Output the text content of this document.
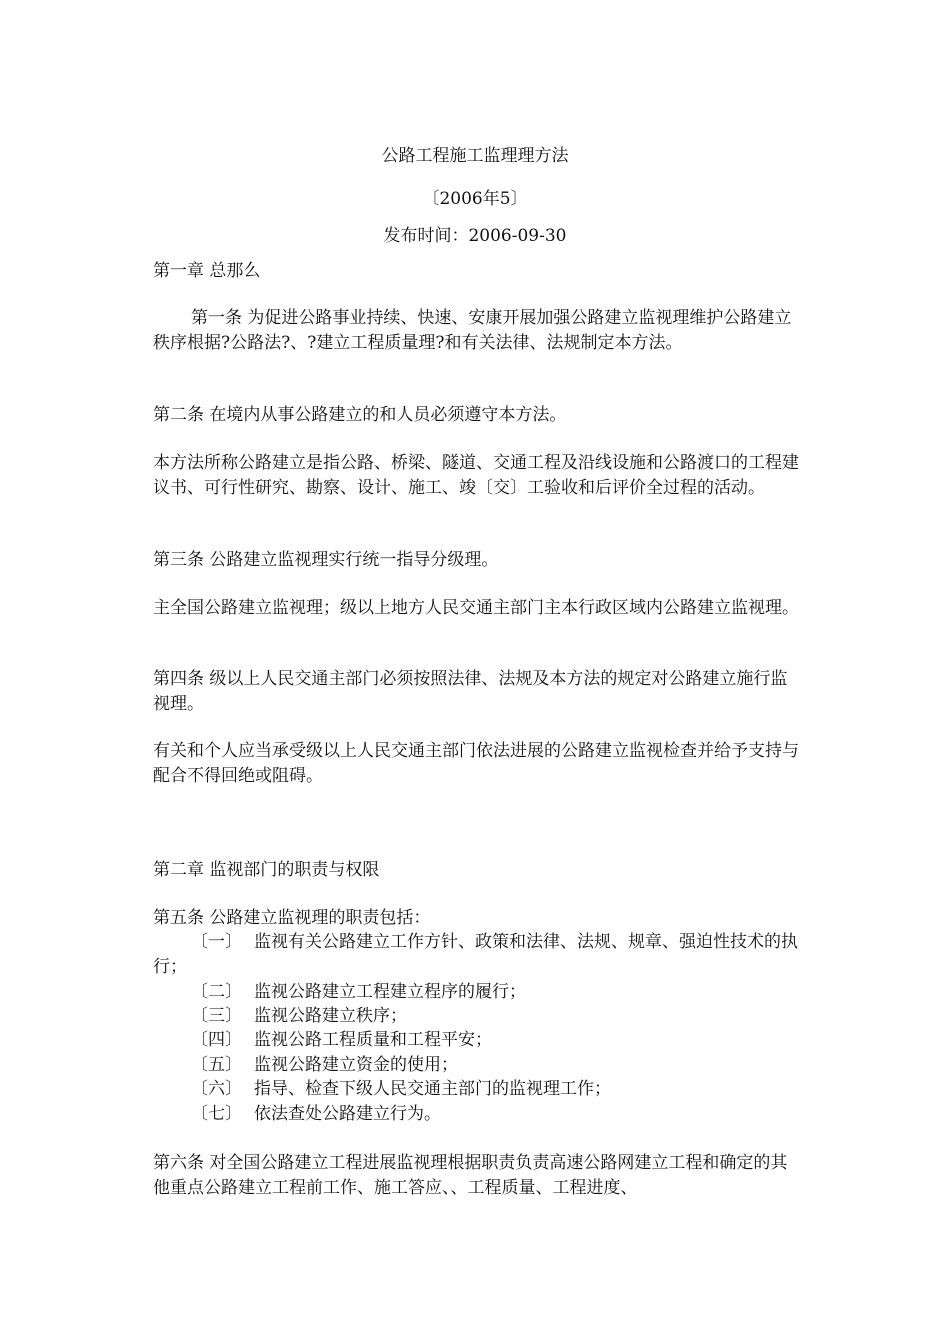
公路工程施工监理理方法
〔2006年5〕
发布时间：2006-09-30
第一章 总那么

第一条 为促进公路事业持续、快速、安康开展加强公路建立监视理维护公路建立秩序根据?公路法?、?建立工程质量理?和有关法律、法规制定本方法。

第二条 在境内从事公路建立的和人员必须遵守本方法。

本方法所称公路建立是指公路、桥梁、隧道、交通工程及沿线设施和公路渡口的工程建议书、可行性研究、勘察、设计、施工、竣〔交〕工验收和后评价全过程的活动。

第三条 公路建立监视理实行统一指导分级理。

主全国公路建立监视理；级以上地方人民交通主部门主本行政区域内公路建立监视理。

第四条 级以上人民交通主部门必须按照法律、法规及本方法的规定对公路建立施行监视理。

有关和个人应当承受级以上人民交通主部门依法进展的公路建立监视检查并给予支持与配合不得回绝或阻碍。

第二章 监视部门的职责与权限
第五条 公路建立监视理的职责包括：
〔一〕 监视有关公路建立工作方针、政策和法律、法规、规章、强迫性技术的执行；
〔二〕 监视公路建立工程建立程序的履行；
〔三〕 监视公路建立秩序；
〔四〕 监视公路工程质量和工程平安；
〔五〕 监视公路建立资金的使用；
〔六〕 指导、检查下级人民交通主部门的监视理工作；
〔七〕 依法查处公路建立行为。

第六条 对全国公路建立工程进展监视理根据职责负责高速公路网建立工程和确定的其他重点公路建立工程前工作、施工答应、、工程质量、工程进度、
